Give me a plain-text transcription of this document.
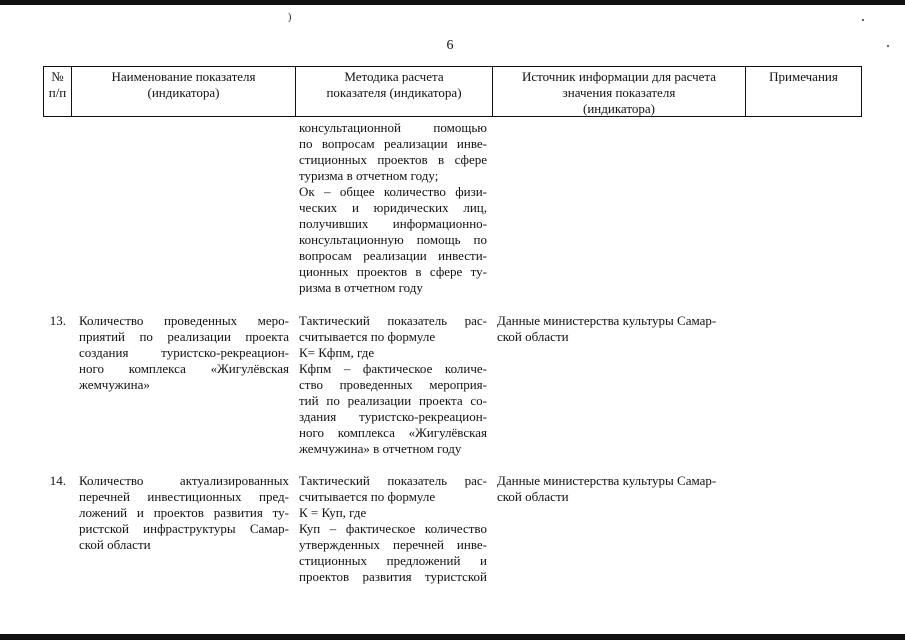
)
6
№
п/п
Наименование показателя
(индикатора)
Методика расчета
показателя (индикатора)
Источник информации для расчета
значения показателя
(индикатора)
Примечания
консультационной помощью
по вопросам реализации инве-
стиционных проектов в сфере
туризма в отчетном году;
Ок – общее количество физи-
ческих и юридических лиц,
получивших информационно-
консультационную помощь по
вопросам реализации инвести-
ционных проектов в сфере ту-
ризма в отчетном году
13. Количество проведенных меро-
приятий по реализации проекта
создания туристско-рекреацион-
ного комплекса «Жигулёвская
жемчужина»
Тактический показатель рас-
считывается по формуле
К= Кфпм, где
Кфпм – фактическое количе-
ство проведенных мероприя-
тий по реализации проекта со-
здания туристско-рекреацион-
ного комплекса «Жигулёвская
жемчужина» в отчетном году
Данные министерства культуры Самар-
ской области
14. Количество актуализированных
перечней инвестиционных пред-
ложений и проектов развития ту-
ристской инфраструктуры Самар-
ской области
Тактический показатель рас-
считывается по формуле
К = Куп, где
Куп – фактическое количество
утвержденных перечней инве-
стиционных предложений и
проектов развития туристской
Данные министерства культуры Самар-
ской области
